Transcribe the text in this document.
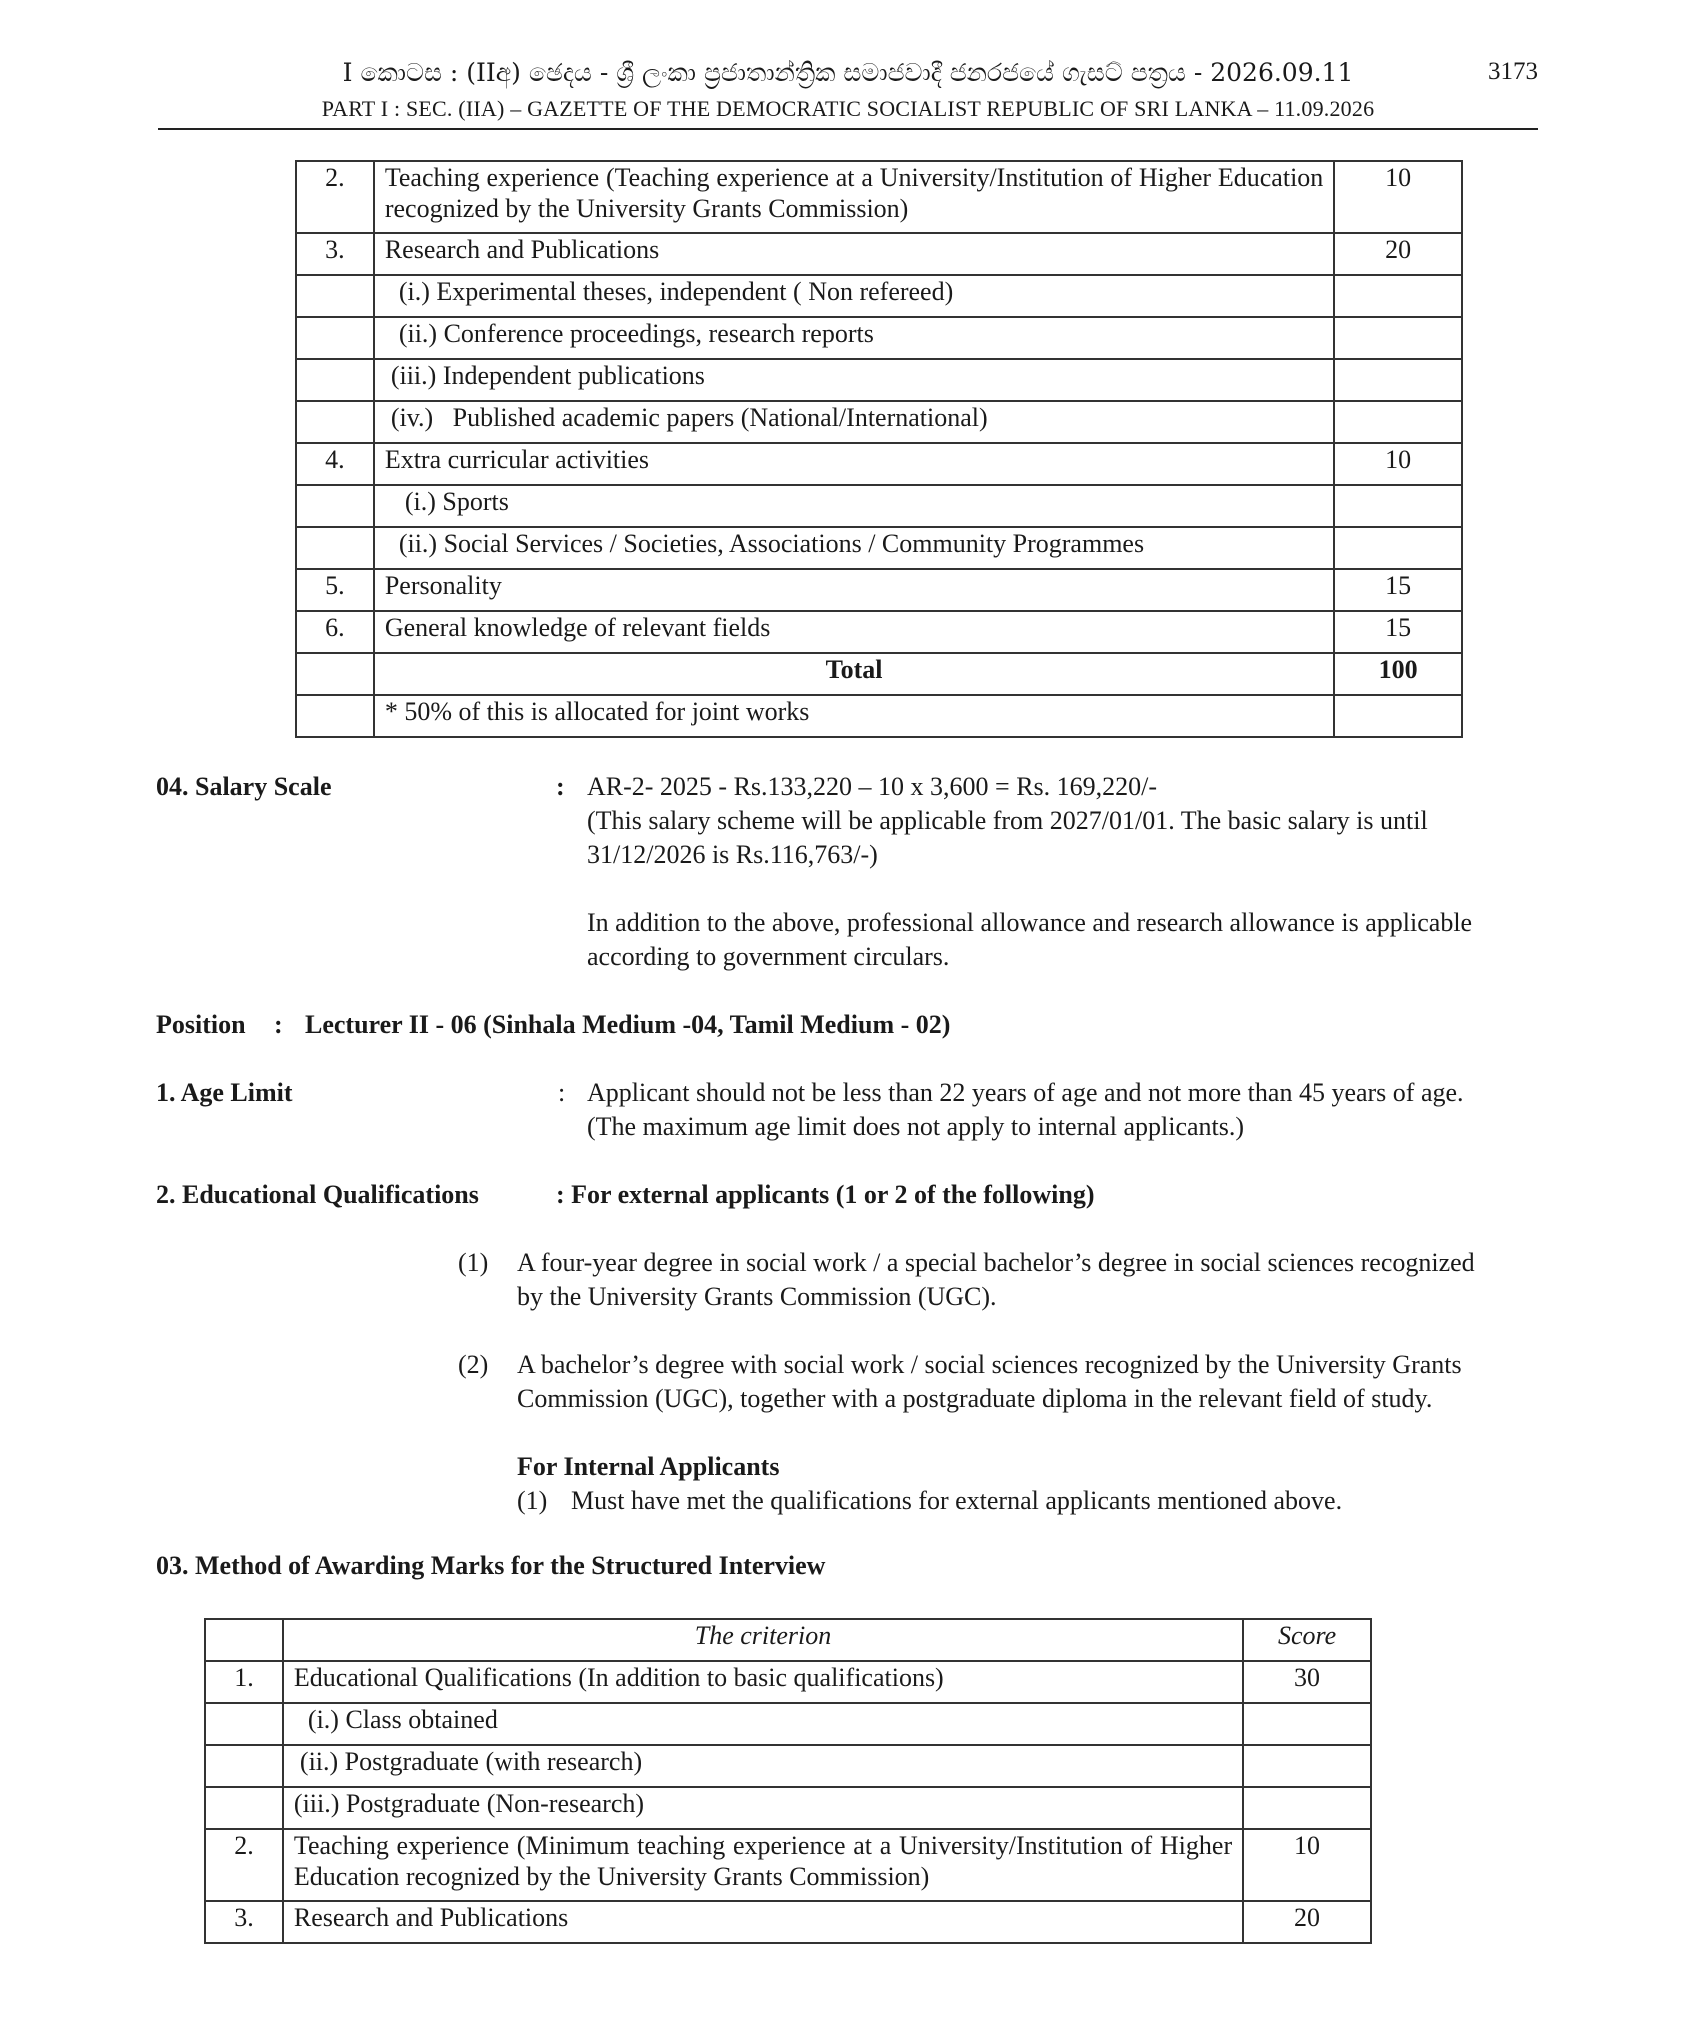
I කොටස : (IIඅ) ඡෙදය - ශ්‍රී ලංකා ප්‍රජාතාන්ත්‍රික සමාජවාදී ජනරජයේ ගැසට් පත්‍රය - 2026.09.11	3173
PART I : SEC. (IIA) – GAZETTE OF THE DEMOCRATIC SOCIALIST REPUBLIC OF SRI LANKA – 11.09.2026
2.	Teaching experience (Teaching experience at a University/Institution of Higher Education recognized by the University Grants Commission)	10
3.	Research and Publications	20
	(i.) Experimental theses, independent ( Non refereed)	
	(ii.) Conference proceedings, research reports	
	(iii.) Independent publications	
	(iv.)   Published academic papers (National/International)	
4.	Extra curricular activities	10
	(i.) Sports	
	(ii.) Social Services / Societies, Associations / Community Programmes	
5.	Personality	15
6.	General knowledge of relevant fields	15
	Total	100
	* 50% of this is allocated for joint works	
04. Salary Scale	: AR-2- 2025 - Rs.133,220 – 10 x 3,600 = Rs. 169,220/-
(This salary scheme will be applicable from 2027/01/01. The basic salary is until
31/12/2026 is Rs.116,763/-)
In addition to the above, professional allowance and research allowance is applicable
according to government circulars.
Position : Lecturer II - 06 (Sinhala Medium -04, Tamil Medium - 02)
1. Age Limit	: Applicant should not be less than 22 years of age and not more than 45 years of age.
(The maximum age limit does not apply to internal applicants.)
2. Educational Qualifications	: For external applicants (1 or 2 of the following)
(1) A four-year degree in social work / a special bachelor’s degree in social sciences recognized
by the University Grants Commission (UGC).
(2) A bachelor’s degree with social work / social sciences recognized by the University Grants
Commission (UGC), together with a postgraduate diploma in the relevant field of study.
For Internal Applicants
(1) Must have met the qualifications for external applicants mentioned above.
03. Method of Awarding Marks for the Structured Interview
	The criterion	Score
1.	Educational Qualifications (In addition to basic qualifications)	30
	(i.) Class obtained	
	(ii.) Postgraduate (with research)	
	(iii.) Postgraduate (Non-research)	
2.	Teaching experience (Minimum teaching experience at a University/Institution of Higher Education recognized by the University Grants Commission)	10
3.	Research and Publications	20
